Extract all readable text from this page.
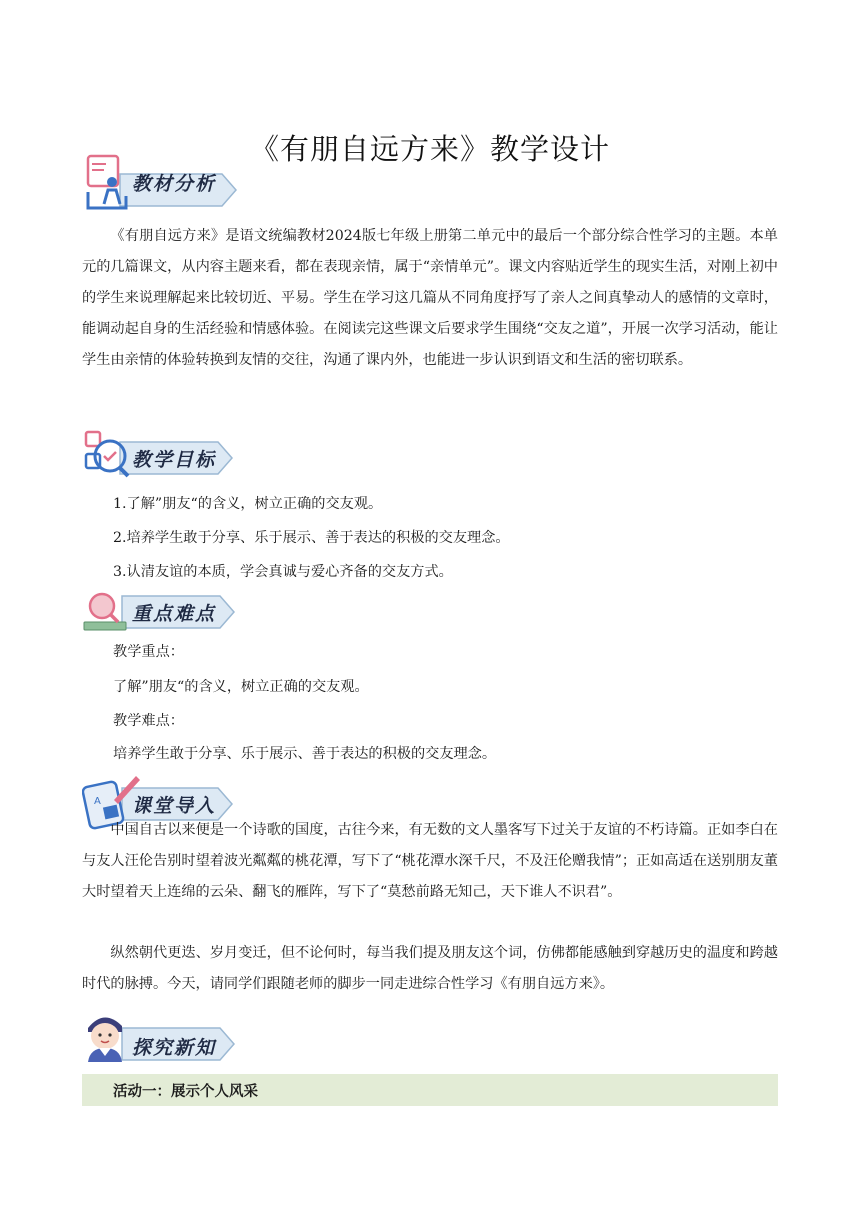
《有朋自远方来》教学设计
教材分析

《有朋自远方来》是语文统编教材2024版七年级上册第二单元中的最后一个部分综合性学习的主题。本单元的几篇课文，从内容主题来看，都在表现亲情，属于“亲情单元”。课文内容贴近学生的现实生活，对刚上初中的学生来说理解起来比较切近、平易。学生在学习这几篇从不同角度抒写了亲人之间真挚动人的感情的文章时，能调动起自身的生活经验和情感体验。在阅读完这些课文后要求学生围绕“交友之道”，开展一次学习活动，能让学生由亲情的体验转换到友情的交往，沟通了课内外，也能进一步认识到语文和生活的密切联系。

教学目标

1.了解”朋友“的含义，树立正确的交友观。

2.培养学生敢于分享、乐于展示、善于表达的积极的交友理念。

3.认清友谊的本质，学会真诚与爱心齐备的交友方式。

重点难点

教学重点：

了解”朋友“的含义，树立正确的交友观。

教学难点：

培养学生敢于分享、乐于展示、善于表达的积极的交友理念。

A 课堂导入

中国自古以来便是一个诗歌的国度，古往今来，有无数的文人墨客写下过关于友谊的不朽诗篇。正如李白在与友人汪伦告别时望着波光粼粼的桃花潭，写下了“桃花潭水深千尺，不及汪伦赠我情”；正如高适在送别朋友董大时望着天上连绵的云朵、翻飞的雁阵，写下了“莫愁前路无知己，天下谁人不识君”。

纵然朝代更迭、岁月变迁，但不论何时，每当我们提及朋友这个词，仿佛都能感触到穿越历史的温度和跨越时代的脉搏。今天，请同学们跟随老师的脚步一同走进综合性学习《有朋自远方来》。

探究新知
活动一：展示个人风采
